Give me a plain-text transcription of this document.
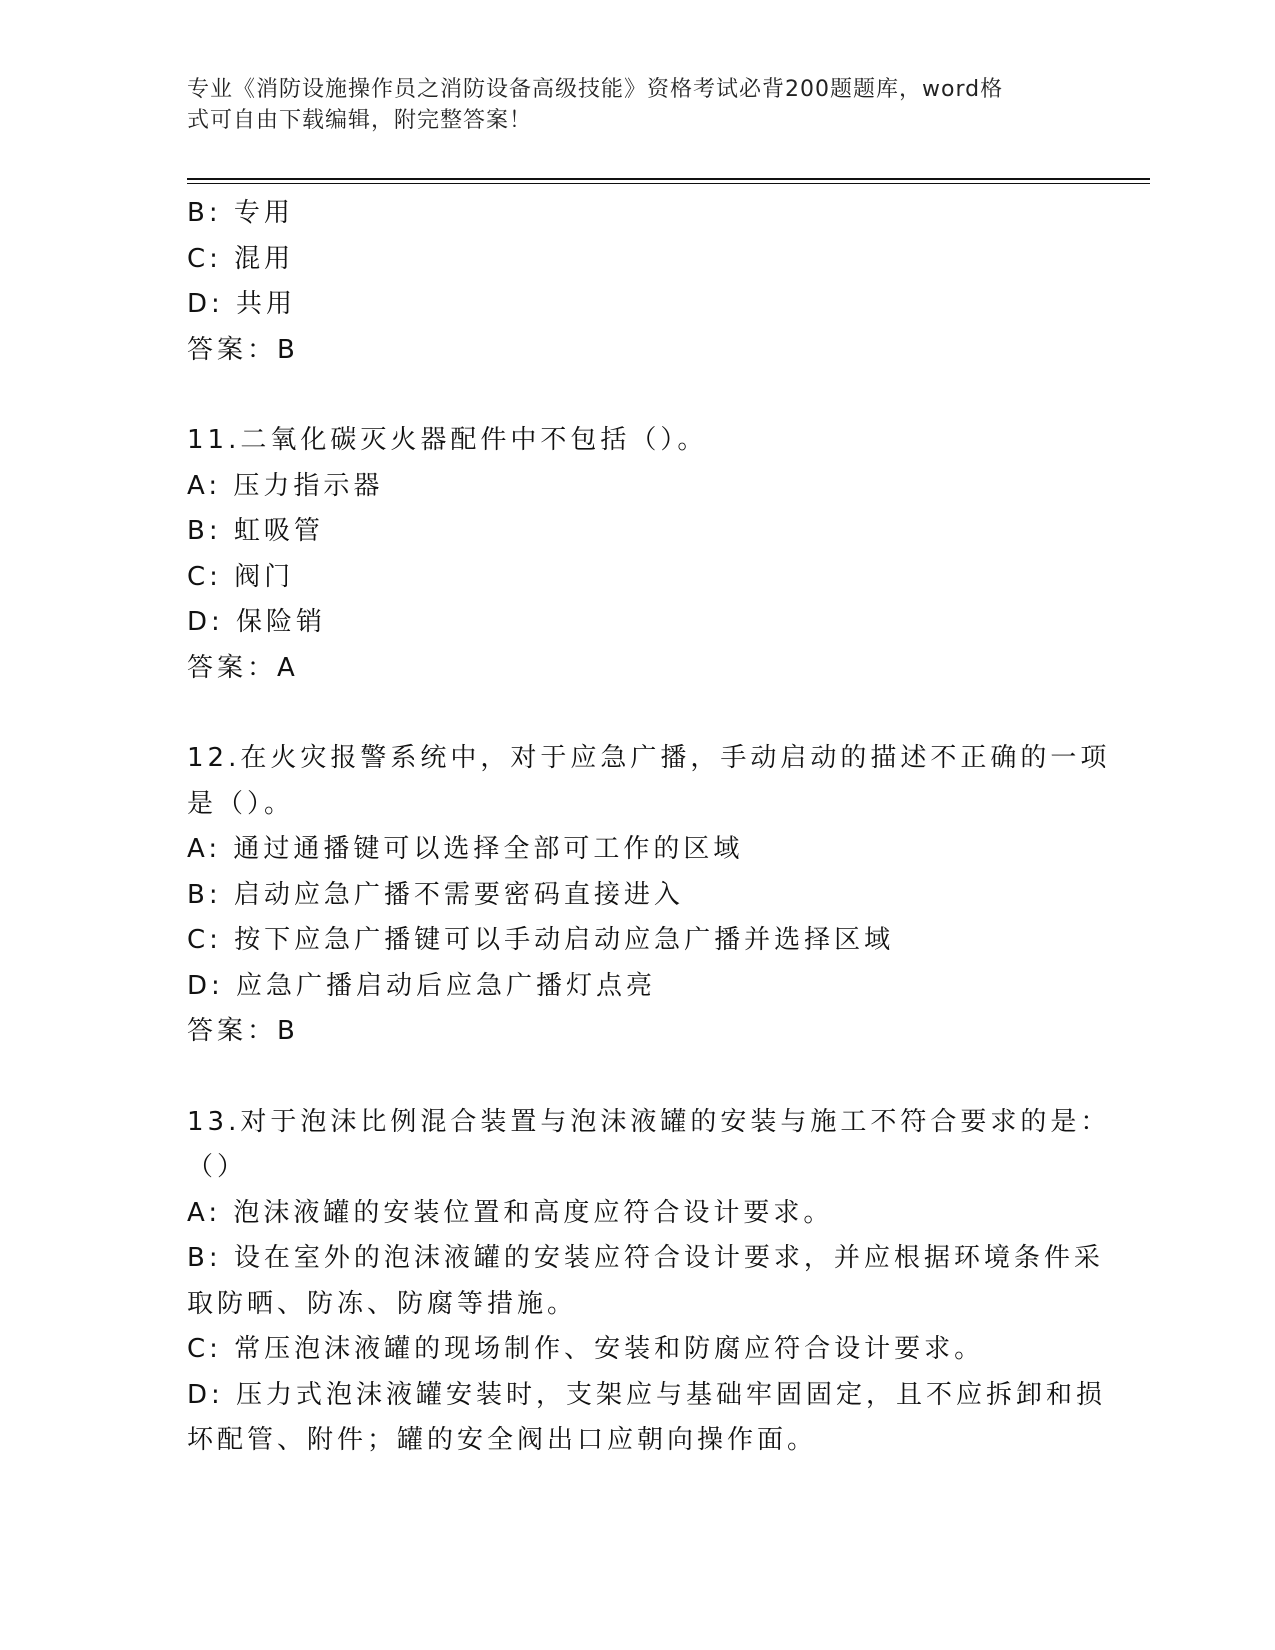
专业《消防设施操作员之消防设备高级技能》资格考试必背200题题库，word格
式可自由下载编辑，附完整答案！
B: 专用
C: 混用
D: 共用
答案：B
11.二氧化碳灭火器配件中不包括（）。
A: 压力指示器
B: 虹吸管
C: 阀门
D: 保险销
答案：A
12.在火灾报警系统中，对于应急广播，手动启动的描述不正确的一项
是（）。
A: 通过通播键可以选择全部可工作的区域
B: 启动应急广播不需要密码直接进入
C: 按下应急广播键可以手动启动应急广播并选择区域
D: 应急广播启动后应急广播灯点亮
答案：B
13.对于泡沫比例混合装置与泡沫液罐的安装与施工不符合要求的是：
（）
A: 泡沫液罐的安装位置和高度应符合设计要求。
B: 设在室外的泡沫液罐的安装应符合设计要求，并应根据环境条件采
取防晒、防冻、防腐等措施。
C: 常压泡沫液罐的现场制作、安装和防腐应符合设计要求。
D: 压力式泡沫液罐安装时，支架应与基础牢固固定，且不应拆卸和损
坏配管、附件；罐的安全阀出口应朝向操作面。
